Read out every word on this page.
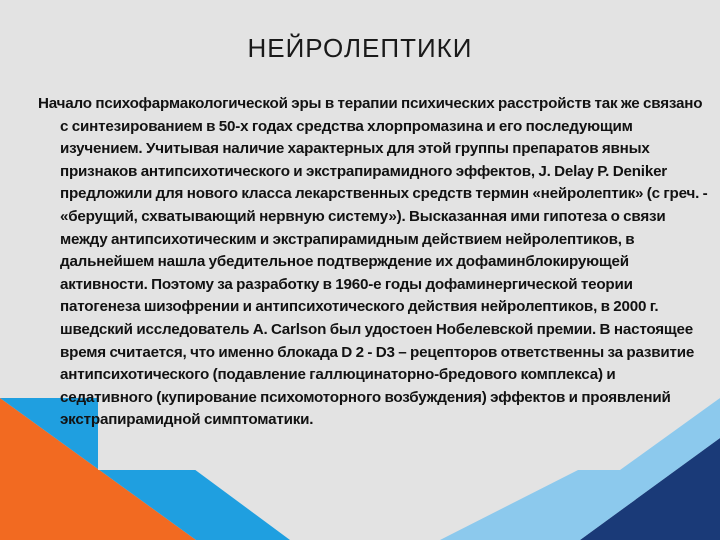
НЕЙРОЛЕПТИКИ

Начало психофармакологической эры в терапии психических расстройств так же связано с синтезированием в 50-х годах средства хлорпромазина и его последующим изучением. Учитывая наличие характерных для этой группы препаратов явных признаков антипсихотического и экстрапирамидного эффектов, J. Delay P. Deniker предложили для нового класса лекарственных средств термин «нейролептик» (с греч. - «берущий, схватывающий нервную систему»). Высказанная ими гипотеза о связи между антипсихотическим и экстрапирамидным действием нейролептиков, в дальнейшем нашла убедительное подтверждение их дофаминблокирующей активности. Поэтому за разработку в 1960-е годы дофаминергической теории патогенеза шизофрении и антипсихотического действия нейролептиков, в 2000 г. шведский исследователь A. Carlson был удостоен Нобелевской премии. В настоящее время считается, что именно блокада D 2 - D3 – рецепторов ответственны за развитие антипсихотического (подавление галлюцинаторно-бредового комплекса) и седативного (купирование психомоторного возбуждения) эффектов и проявлений экстрапирамидной симптоматики.
